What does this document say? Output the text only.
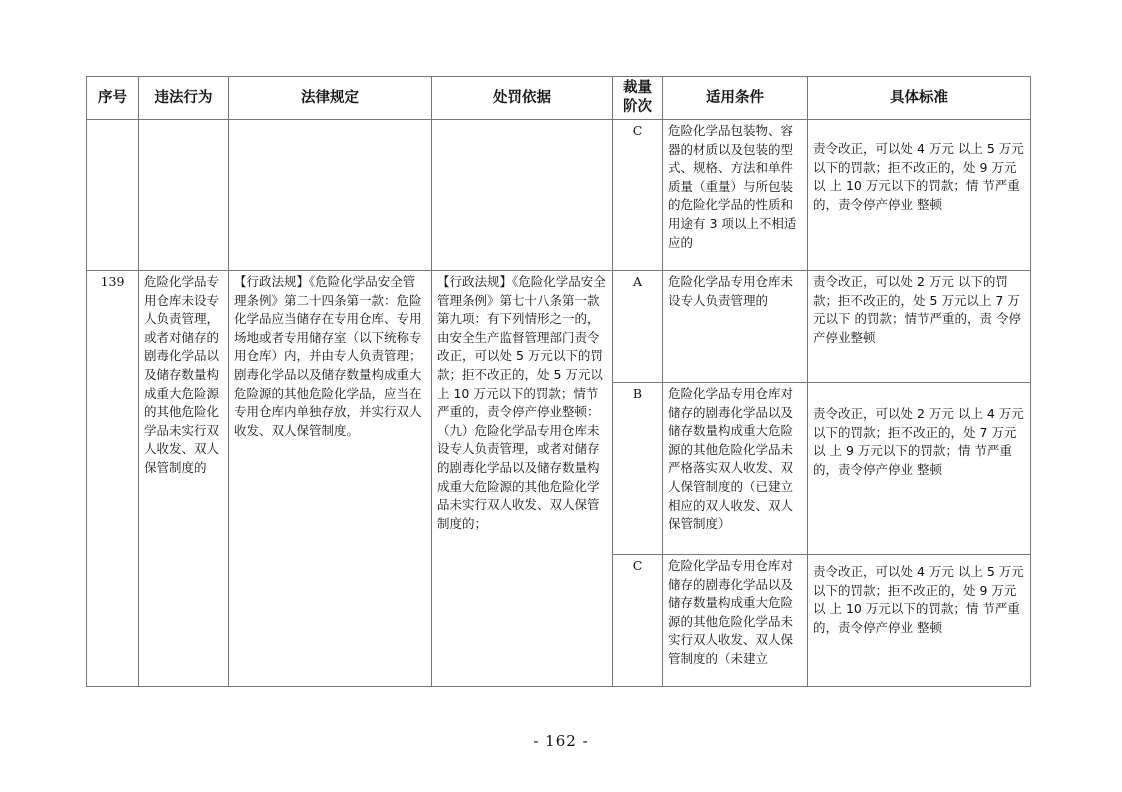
序号	违法行为	法律规定	处罚依据	裁量阶次	适用条件	具体标准
				C	危险化学品包装物、容器的材质以及包装的型式、规格、方法和单件质量（重量）与所包装的危险化学品的性质和用途有 3 项以上不相适应的	责令改正，可以处 4 万元 以上 5 万元以下的罚款；拒不改正的，处 9 万元以 上 10 万元以下的罚款；情 节严重的，责令停产停业 整顿
139	危险化学品专用仓库未设专人负责管理，或者对储存的剧毒化学品以及储存数量构成重大危险源的其他危险化学品未实行双人收发、双人保管制度的	【行政法规】《危险化学品安全管理条例》第二十四条第一款：危险化学品应当储存在专用仓库、专用场地或者专用储存室（以下统称专用仓库）内，并由专人负责管理；剧毒化学品以及储存数量构成重大危险源的其他危险化学品，应当在专用仓库内单独存放，并实行双人收发、双人保管制度。	【行政法规】《危险化学品安全管理条例》第七十八条第一款第九项：有下列情形之一的，由安全生产监督管理部门责令改正，可以处 5 万元以下的罚款；拒不改正的，处 5 万元以上 10 万元以下的罚款；情节严重的，责令停产停业整顿：（九）危险化学品专用仓库未设专人负责管理，或者对储存的剧毒化学品以及储存数量构成重大危险源的其他危险化学品未实行双人收发、双人保管制度的；	A	危险化学品专用仓库未设专人负责管理的	责令改正，可以处 2 万元 以下的罚款；拒不改正的，处 5 万元以上 7 万元以下 的罚款；情节严重的，责 令停产停业整顿
				B	危险化学品专用仓库对储存的剧毒化学品以及储存数量构成重大危险源的其他危险化学品未严格落实双人收发、双人保管制度的（已建立相应的双人收发、双人保管制度）	责令改正，可以处 2 万元 以上 4 万元以下的罚款；拒不改正的，处 7 万元以 上 9 万元以下的罚款；情 节严重的，责令停产停业 整顿
				C	危险化学品专用仓库对储存的剧毒化学品以及储存数量构成重大危险源的其他危险化学品未实行双人收发、双人保管制度的（未建立	责令改正，可以处 4 万元 以上 5 万元以下的罚款；拒不改正的，处 9 万元以 上 10 万元以下的罚款；情 节严重的，责令停产停业 整顿
- 162 -
